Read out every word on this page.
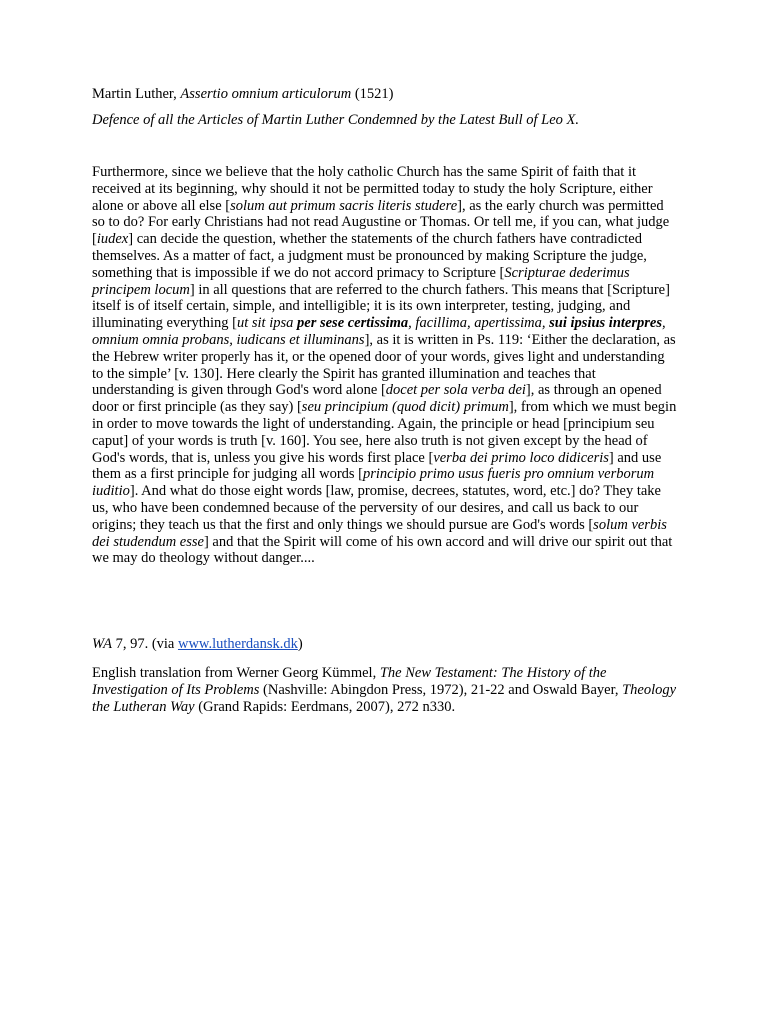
Martin Luther, Assertio omnium articulorum (1521)

Defence of all the Articles of Martin Luther Condemned by the Latest Bull of Leo X.

Furthermore, since we believe that the holy catholic Church has the same Spirit of faith that it received at its beginning, why should it not be permitted today to study the holy Scripture, either alone or above all else [solum aut primum sacris literis studere], as the early church was permitted so to do? For early Christians had not read Augustine or Thomas. Or tell me, if you can, what judge [iudex] can decide the question, whether the statements of the church fathers have contradicted themselves. As a matter of fact, a judgment must be pronounced by making Scripture the judge, something that is impossible if we do not accord primacy to Scripture [Scripturae dederimus principem locum] in all questions that are referred to the church fathers. This means that [Scripture] itself is of itself certain, simple, and intelligible; it is its own interpreter, testing, judging, and illuminating everything [ut sit ipsa per sese certissima, facillima, apertissima, sui ipsius interpres, omnium omnia probans, iudicans et illuminans], as it is written in Ps. 119: ‘Either the declaration, as the Hebrew writer properly has it, or the opened door of your words, gives light and understanding to the simple’ [v. 130]. Here clearly the Spirit has granted illumination and teaches that understanding is given through God's word alone [docet per sola verba dei], as through an opened door or first principle (as they say) [seu principium (quod dicit) primum], from which we must begin in order to move towards the light of understanding. Again, the principle or head [principium seu caput] of your words is truth [v. 160]. You see, here also truth is not given except by the head of God's words, that is, unless you give his words first place [verba dei primo loco didiceris] and use them as a first principle for judging all words [principio primo usus fueris pro omnium verborum iuditio]. And what do those eight words [law, promise, decrees, statutes, word, etc.] do? They take us, who have been condemned because of the perversity of our desires, and call us back to our origins; they teach us that the first and only things we should pursue are God's words [solum verbis dei studendum esse] and that the Spirit will come of his own accord and will drive our spirit out that we may do theology without danger....

WA 7, 97. (via www.lutherdansk.dk)

English translation from Werner Georg Kümmel, The New Testament: The History of the Investigation of Its Problems (Nashville: Abingdon Press, 1972), 21-22 and Oswald Bayer, Theology the Lutheran Way (Grand Rapids: Eerdmans, 2007), 272 n330.
